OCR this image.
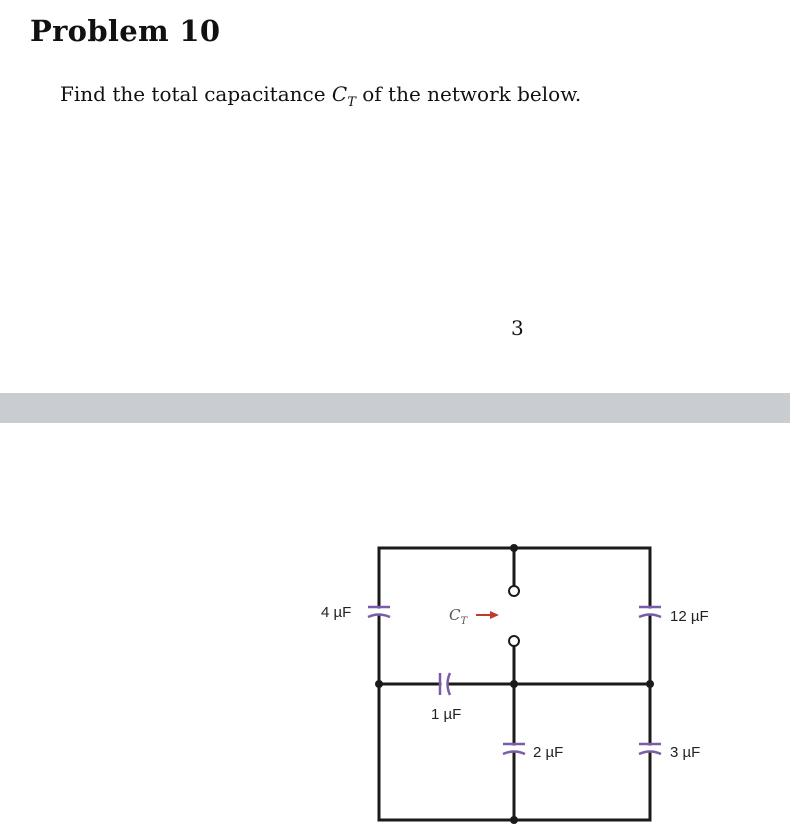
Problem 10
Find the total capacitance $C_T$ of the network below.
3
4 µF	12 µF
3 µF
2 µF
1 µF
$C_T$
